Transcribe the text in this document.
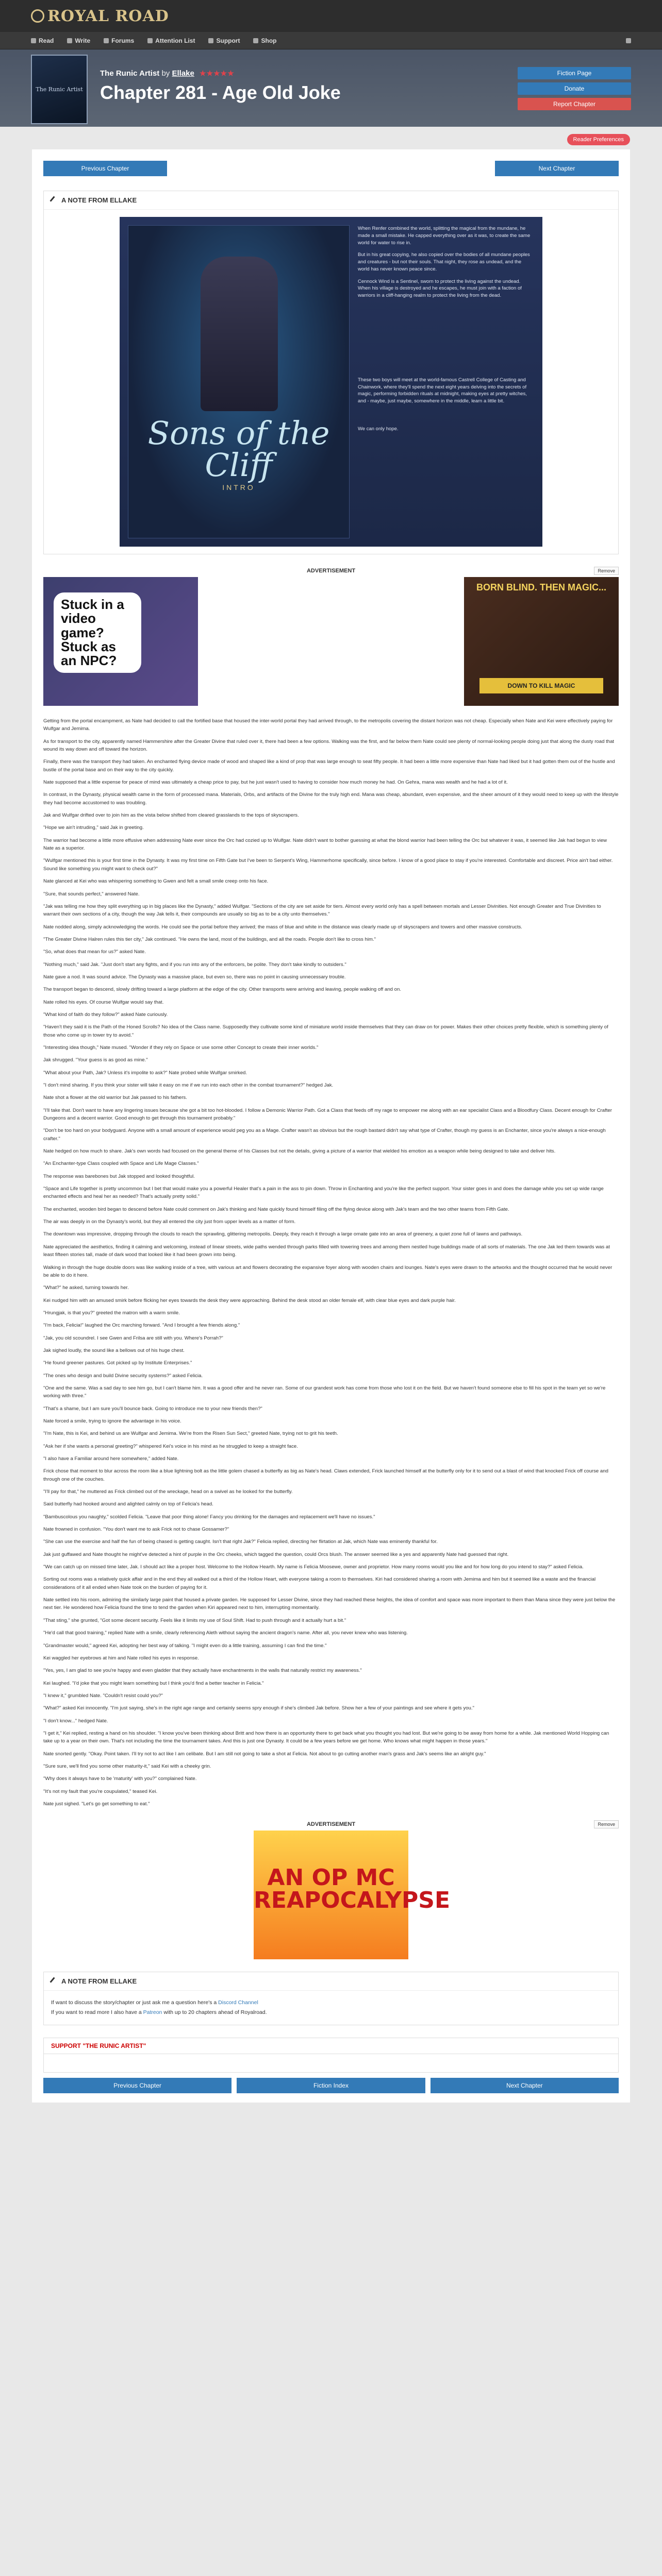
ROYAL ROAD
Read	Write	Forums	Attention List	Support	Shop
The Runic Artist
The Runic Artist by Ellake ★★★★★
Chapter 281 - Age Old Joke
Fiction Page
Donate
Report Chapter
Reader Preferences
Previous Chapter	Next Chapter
A NOTE FROM ELLAKE
Sons of the Cliff
INTRO

When Renfer combined the world, splitting the magical from the mundane, he made a small mistake. He capped everything over as it was, to create the same world for water to rise in.

But in his great copying, he also copied over the bodies of all mundane peoples and creatures - but not their souls. That night, they rose as undead, and the world has never known peace since.

Cennock Wind is a Sentinel, sworn to protect the living against the undead. When his village is destroyed and he escapes, he must join with a faction of warriors in a cliff-hanging realm to protect the living from the dead.

These two boys will meet at the world-famous Castrell College of Casting and Chainwork, where they'll spend the next eight years delving into the secrets of magic, performing forbidden rituals at midnight, making eyes at pretty witches, and - maybe, just maybe, somewhere in the middle, learn a little bit.

We can only hope.

ADVERTISEMENT	Remove
Stuck in a video game? Stuck as an NPC?
BORN BLIND. THEN MAGIC...
DOWN TO KILL MAGIC

Getting from the portal encampment, as Nate had decided to call the fortified base that housed the inter-world portal they had arrived through, to the metropolis covering the distant horizon was not cheap. Especially when Nate and Kei were effectively paying for Wulfgar and Jemima.

As for transport to the city, apparently named Hammershire after the Greater Divine that ruled over it, there had been a few options. Walking was the first, and far below them Nate could see plenty of normal-looking people doing just that along the dusty road that wound its way down and off toward the horizon.

Finally, there was the transport they had taken. An enchanted flying device made of wood and shaped like a kind of prop that was large enough to seat fifty people. It had been a little more expensive than Nate had liked but it had gotten them out of the hustle and bustle of the portal base and on their way to the city quickly.

Nate supposed that a little expense for peace of mind was ultimately a cheap price to pay, but he just wasn't used to having to consider how much money he had. On Gehra, mana was wealth and he had a lot of it.

In contrast, in the Dynasty, physical wealth came in the form of processed mana. Materials, Orbs, and artifacts of the Divine for the truly high end. Mana was cheap, abundant, even expensive, and the sheer amount of it they would need to keep up with the lifestyle they had become accustomed to was troubling.

Jak and Wulfgar drifted over to join him as the vista below shifted from cleared grasslands to the tops of skyscrapers.

"Hope we ain't intruding," said Jak in greeting.

The warrior had become a little more effusive when addressing Nate ever since the Orc had cozied up to Wulfgar. Nate didn't want to bother guessing at what the blond warrior had been telling the Orc but whatever it was, it seemed like Jak had begun to view Nate as a superior.

"Wulfgar mentioned this is your first time in the Dynasty. It was my first time on Fifth Gate but I've been to Serpent's Wing, Hammerhome specifically, since before. I know of a good place to stay if you're interested. Comfortable and discreet. Price ain't bad either. Sound like something you might want to check out?"

Nate glanced at Kei who was whispering something to Gwen and felt a small smile creep onto his face.

"Sure, that sounds perfect," answered Nate.

"Jak was telling me how they split everything up in big places like the Dynasty," added Wulfgar. "Sections of the city are set aside for tiers. Almost every world only has a spell between mortals and Lesser Divinities. Not enough Greater and True Divinities to warrant their own sections of a city, though the way Jak tells it, their compounds are usually so big as to be a city unto themselves."

Nate nodded along, simply acknowledging the words. He could see the portal before they arrived; the mass of blue and white in the distance was clearly made up of skyscrapers and towers and other massive constructs.

"The Greater Divine Halren rules this tier city," Jak continued. "He owns the land, most of the buildings, and all the roads. People don't like to cross him."

"So, what does that mean for us?" asked Nate.

"Nothing much," said Jak. "Just don't start any fights, and if you run into any of the enforcers, be polite. They don't take kindly to outsiders."

Nate gave a nod. It was sound advice. The Dynasty was a massive place, but even so, there was no point in causing unnecessary trouble.

The transport began to descend, slowly drifting toward a large platform at the edge of the city. Other transports were arriving and leaving, people walking off and on.

Nate rolled his eyes. Of course Wulfgar would say that.

"What kind of faith do they follow?" asked Nate curiously.

"Haven't they said it is the Path of the Honed Scrolls? No idea of the Class name. Supposedly they cultivate some kind of miniature world inside themselves that they can draw on for power. Makes their other choices pretty flexible, which is something plenty of those who come up in tower try to avoid."

"Interesting idea though," Nate mused. "Wonder if they rely on Space or use some other Concept to create their inner worlds."

Jak shrugged. "Your guess is as good as mine."

"What about your Path, Jak? Unless it's impolite to ask?" Nate probed while Wulfgar smirked.

"I don't mind sharing. If you think your sister will take it easy on me if we run into each other in the combat tournament?" hedged Jak.

Nate shot a flower at the old warrior but Jak passed to his fathers.

"I'll take that. Don't want to have any lingering issues because she got a bit too hot-blooded. I follow a Demonic Warrior Path. Got a Class that feeds off my rage to empower me along with an ear specialist Class and a Bloodfury Class. Decent enough for Crafter Dungeons and a decent warrior. Good enough to get through this tournament probably."

"Don't be too hard on your bodyguard. Anyone with a small amount of experience would peg you as a Mage. Crafter wasn't as obvious but the rough bastard didn't say what type of Crafter, though my guess is an Enchanter, since you're always a nice-enough crafter."

Nate hedged on how much to share. Jak's own words had focused on the general theme of his Classes but not the details, giving a picture of a warrior that wielded his emotion as a weapon while being designed to take and deliver hits.

"An Enchanter-type Class coupled with Space and Life Mage Classes."

The response was barebones but Jak stopped and looked thoughtful.

"Space and Life together is pretty uncommon but I bet that would make you a powerful Healer that's a pain in the ass to pin down. Throw in Enchanting and you're like the perfect support. Your sister goes in and does the damage while you set up wide range enchanted effects and heal her as needed? That's actually pretty solid."

The enchanted, wooden bird began to descend before Nate could comment on Jak's thinking and Nate quickly found himself filing off the flying device along with Jak's team and the two other teams from Fifth Gate.

The air was deeply in on the Dynasty's world, but they all entered the city just from upper levels as a matter of form.

The downtown was impressive, dropping through the clouds to reach the sprawling, glittering metropolis. Deeply, they reach it through a large ornate gate into an area of greenery, a quiet zone full of lawns and pathways.

Nate appreciated the aesthetics, finding it calming and welcoming, instead of linear streets, wide paths wended through parks filled with towering trees and among them nestled huge buildings made of all sorts of materials. The one Jak led them towards was at least fifteen stories tall, made of dark wood that looked like it had been grown into being.

Walking in through the huge double doors was like walking inside of a tree, with various art and flowers decorating the expansive foyer along with wooden chairs and lounges. Nate's eyes were drawn to the artworks and the thought occurred that he would never be able to do it here.

"What?" he asked, turning towards her.

Kei nudged him with an amused smirk before flicking her eyes towards the desk they were approaching. Behind the desk stood an older female elf, with clear blue eyes and dark purple hair.

"Hrungjak, is that you?" greeted the matron with a warm smile.

"I'm back, Felicia!" laughed the Orc marching forward. "And I brought a few friends along."

"Jak, you old scoundrel. I see Gwen and Frilsa are still with you. Where's Porrah?"

Jak sighed loudly, the sound like a bellows out of his huge chest.

"He found greener pastures. Got picked up by Institute Enterprises."

"The ones who design and build Divine security systems?" asked Felicia.

"One and the same. Was a sad day to see him go, but I can't blame him. It was a good offer and he never ran. Some of our grandest work has come from those who lost it on the field. But we haven't found someone else to fill his spot in the team yet so we're working with three."

"That's a shame, but I am sure you'll bounce back. Going to introduce me to your new friends then?"

Nate forced a smile, trying to ignore the advantage in his voice.

"I'm Nate, this is Kei, and behind us are Wulfgar and Jemima. We're from the Risen Sun Sect," greeted Nate, trying not to grit his teeth.

"Ask her if she wants a personal greeting?" whispered Kei's voice in his mind as he struggled to keep a straight face.

"I also have a Familiar around here somewhere," added Nate.

Frick chose that moment to blur across the room like a blue lightning bolt as the little golem chased a butterfly as big as Nate's head. Claws extended, Frick launched himself at the butterfly only for it to send out a blast of wind that knocked Frick off course and through one of the couches.

"I'll pay for that," he muttered as Frick climbed out of the wreckage, head on a swivel as he looked for the butterfly.

Said butterfly had hooked around and alighted calmly on top of Felicia's head.

"Bambuscolous you naughty," scolded Felicia. "Leave that poor thing alone! Fancy you drinking for the damages and replacement we'll have no issues."

Nate frowned in confusion. "You don't want me to ask Frick not to chase Gossamer?"

"She can use the exercise and half the fun of being chased is getting caught. Isn't that right Jak?" Felicia replied, directing her flirtation at Jak, which Nate was eminently thankful for.

Jak just guffawed and Nate thought he might've detected a hint of purple in the Orc cheeks, which tagged the question, could Orcs blush. The answer seemed like a yes and apparently Nate had guessed that right.

"We can catch up on missed time later, Jak. I should act like a proper host. Welcome to the Hollow Hearth. My name is Felicia Moosewe, owner and proprietor. How many rooms would you like and for how long do you intend to stay?" asked Felicia.

Sorting out rooms was a relatively quick affair and in the end they all walked out a third of the Hollow Heart, with everyone taking a room to themselves. Kiri had considered sharing a room with Jemima and him but it seemed like a waste and the financial considerations of it all ended when Nate took on the burden of paying for it.

Nate settled into his room, admiring the similarly large paint that housed a private garden. He supposed for Lesser Divine, since they had reached these heights, the idea of comfort and space was more important to them than Mana since they were just below the next tier. He wondered how Felicia found the time to tend the garden when Kiri appeared next to him, interrupting momentarily.

"That sting," she grunted, "Got some decent security. Feels like it limits my use of Soul Shift. Had to push through and it actually hurt a bit."

"He'd call that good training," replied Nate with a smile, clearly referencing Aleth without saying the ancient dragon's name. After all, you never knew who was listening.

"Grandmaster would," agreed Kei, adopting her best way of talking. "I might even do a little training, assuming I can find the time."

Kei waggled her eyebrows at him and Nate rolled his eyes in response.

"Yes, yes, I am glad to see you're happy and even gladder that they actually have enchantments in the walls that naturally restrict my awareness."

Kei laughed. "I'd joke that you might learn something but I think you'd find a better teacher in Felicia."

"I knew it," grumbled Nate. "Couldn't resist could you?"

"What?" asked Kei innocently. "I'm just saying, she's in the right age range and certainly seems spry enough if she's climbed Jak before. Show her a few of your paintings and see where it gets you."

"I don't know..." hedged Nate.

"I get it," Kei replied, resting a hand on his shoulder. "I know you've been thinking about Britt and how there is an opportunity there to get back what you thought you had lost. But we're going to be away from home for a while. Jak mentioned World Hopping can take up to a year on their own. That's not including the time the tournament takes. And this is just one Dynasty. It could be a few years before we get home. Who knows what might happen in those years."

Nate snorted gently. "Okay. Point taken. I'll try not to act like I am celibate. But I am still not going to take a shot at Felicia. Not about to go cutting another man's grass and Jak's seems like an alright guy."

"Sure sure, we'll find you some other maturity-it," said Kei with a cheeky grin.

"Why does it always have to be 'maturity' with you?" complained Nate.

"It's not my fault that you're coupulated," teased Kei.

Nate just sighed. "Let's go get something to eat."

ADVERTISEMENT	Remove
AN OP MC REAPOCALYPSE
A NOTE FROM ELLAKE
If want to discuss the story/chapter or just ask me a question here's a Discord Channel
If you want to read more I also have a Patreon with up to 20 chapters ahead of Royalroad.
SUPPORT "THE RUNIC ARTIST"
Previous Chapter	Fiction Index	Next Chapter
